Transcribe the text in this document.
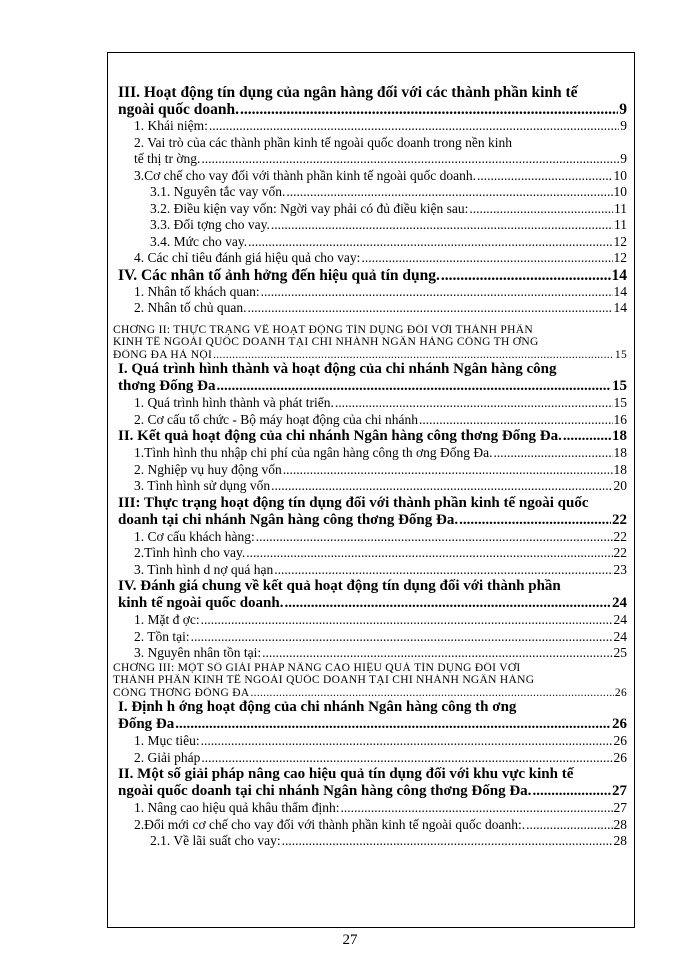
III. Hoạt động tín dụng của ngân hàng đối với các thành phần kinh tế
ngoài quốc doanh. .....	9
1. Khái niệm: .....	9
2. Vai trò của các thành phần kinh tế ngoài quốc doanh trong nền kinh
tế thị tr ờng. .....	9
3.Cơ chế cho vay đối với thành phần kinh tế ngoài quốc doanh. .....	10
3.1. Nguyên tắc vay vốn. .....	10
3.2. Điều kiện vay vốn: Ngời vay phải có đủ điều kiện sau: .....	11
3.3. Đối tợng cho vay. .....	11
3.4. Mức cho vay. .....	12
4. Các chỉ tiêu đánh giá hiệu quả cho vay: .....	12
IV. Các nhân tố ảnh hởng đến hiệu quả tín dụng. .....	14
1. Nhân tố khách quan: .....	14
2. Nhân tố chủ quan. .....	14
CHƠNG II: THỰC TRẠNG VỀ HOẠT ĐỘNG TÍN DỤNG ĐỐI VỚI THÀNH PHẦN
KINH TẾ NGOÀI QUỐC DOANH TẠI CHI NHÁNH NGÂN HÀNG CÔNG TH ƠNG
ĐỐNG ĐA HÀ NỘI .....	15
I. Quá trình hình thành và hoạt động của chi nhánh Ngân hàng công
thơng Đống Đa .....	15
1. Quá trình hình thành và phát triển. .....	15
2. Cơ cấu tổ chức - Bộ máy hoạt động của chi nhánh .....	16
II. Kết quả hoạt động của chi nhánh Ngân hàng công thơng Đống Đa. .....	18
1.Tình hình thu nhập chi phí của ngân hàng công th ơng Đống Đa. .....	18
2. Nghiệp vụ huy động vốn .....	18
3. Tình hình sử dụng vốn .....	20
III: Thực trạng hoạt động tín dụng đối với thành phần kinh tế ngoài quốc
doanh tại chi nhánh Ngân hàng công thơng Đống Đa. .....	22
1. Cơ cấu khách hàng: .....	22
2.Tình hình cho vay. .....	22
3. Tình hình d nợ quá hạn .....	23
IV. Đánh giá chung về kết quả hoạt động tín dụng đối với thành phần
kinh tế ngoài quốc doanh. .....	24
1. Mặt đ ợc: .....	24
2. Tồn tại: .....	24
3. Nguyên nhân tồn tại: .....	25
CHƠNG III: MỘT SỐ GIẢI PHÁP NÂNG CAO HIỆU QUẢ TÍN DỤNG ĐỐI VỚI
THÀNH PHẦN KINH TẾ NGOÀI QUỐC DOANH TẠI CHI NHÁNH NGÂN HÀNG
CÔNG THƠNG ĐỐNG ĐA .....	26
I. Định h ớng hoạt động của chi nhánh Ngân hàng công th ơng
Đống Đa .....	26
1. Mục tiêu: .....	26
2. Giải pháp .....	26
II. Một số giải pháp nâng cao hiệu quả tín dụng đối với khu vực kinh tế
ngoài quốc doanh tại chi nhánh Ngân hàng công thơng Đống Đa. .....	27
1. Nâng cao hiệu quả khâu thẩm định: .....	27
2.Đổi mới cơ chế cho vay đối với thành phần kinh tế ngoài quốc doanh:. .....	28
2.1. Về lãi suất cho vay: .....	28
27
